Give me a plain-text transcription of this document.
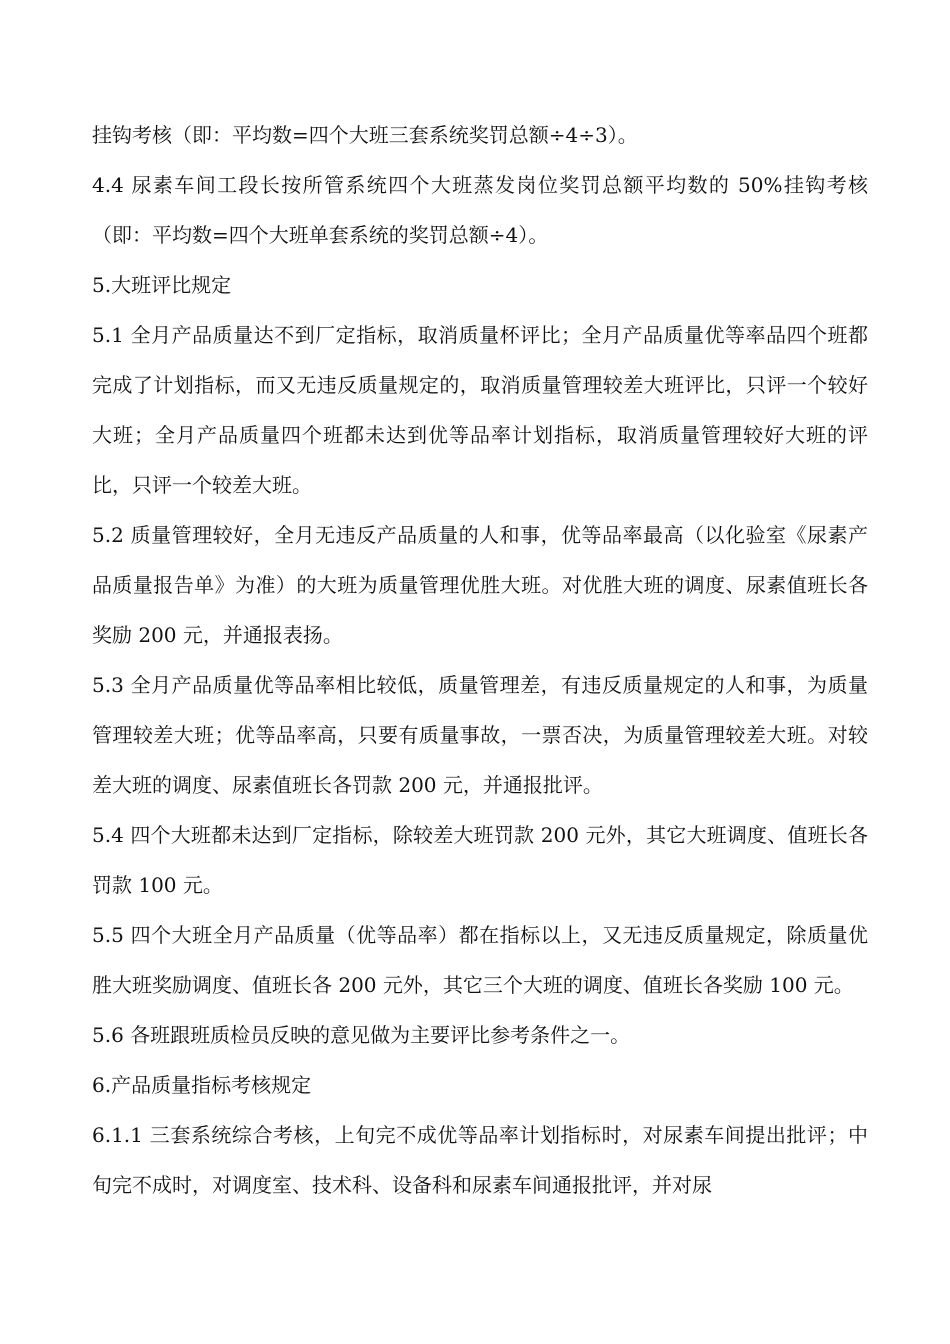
挂钩考核（即：平均数=四个大班三套系统奖罚总额÷4÷3）。

4.4 尿素车间工段长按所管系统四个大班蒸发岗位奖罚总额平均数的 50%挂钩考核（即：平均数=四个大班单套系统的奖罚总额÷4）。

5.大班评比规定

5.1 全月产品质量达不到厂定指标，取消质量杯评比；全月产品质量优等率品四个班都完成了计划指标，而又无违反质量规定的，取消质量管理较差大班评比，只评一个较好大班；全月产品质量四个班都未达到优等品率计划指标，取消质量管理较好大班的评比，只评一个较差大班。

5.2 质量管理较好，全月无违反产品质量的人和事，优等品率最高（以化验室《尿素产品质量报告单》为准）的大班为质量管理优胜大班。对优胜大班的调度、尿素值班长各奖励 200 元，并通报表扬。

5.3 全月产品质量优等品率相比较低，质量管理差，有违反质量规定的人和事，为质量管理较差大班；优等品率高，只要有质量事故，一票否决，为质量管理较差大班。对较差大班的调度、尿素值班长各罚款 200 元，并通报批评。

5.4 四个大班都未达到厂定指标，除较差大班罚款 200 元外，其它大班调度、值班长各罚款 100 元。

5.5 四个大班全月产品质量（优等品率）都在指标以上，又无违反质量规定，除质量优胜大班奖励调度、值班长各 200 元外，其它三个大班的调度、值班长各奖励 100 元。

5.6 各班跟班质检员反映的意见做为主要评比参考条件之一。

6.产品质量指标考核规定

6.1.1 三套系统综合考核，上旬完不成优等品率计划指标时，对尿素车间提出批评；中旬完不成时，对调度室、技术科、设备科和尿素车间通报批评，并对尿
